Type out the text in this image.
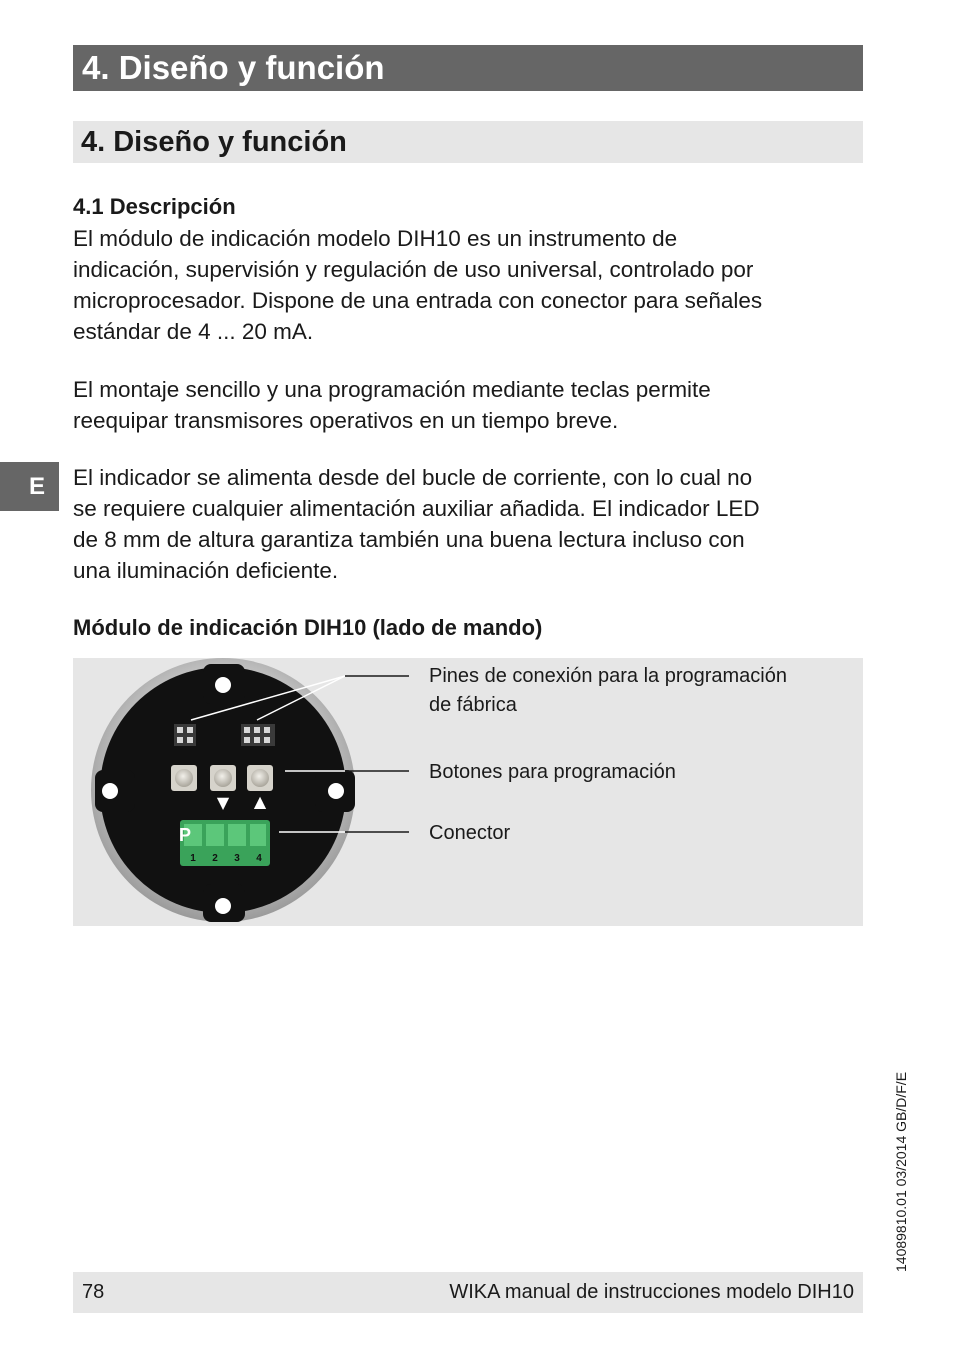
4. Diseño y función
4. Diseño y función
4.1 Descripción

El módulo de indicación modelo DIH10 es un instrumento de
indicación, supervisión y regulación de uso universal, controlado por
microprocesador. Dispone de una entrada con conector para señales
estándar de 4 ... 20 mA.

El montaje sencillo y una programación mediante teclas permite
reequipar transmisores operativos en un tiempo breve.

E	El indicador se alimenta desde del bucle de corriente, con lo cual no
se requiere cualquier alimentación auxiliar añadida. El indicador LED
de 8 mm de altura garantiza también una buena lectura incluso con
una iluminación deficiente.

Módulo de indicación DIH10 (lado de mando)
▼ ▲
P
1 2 3 4
Pines de conexión para la programación
de fábrica
Botones para programación
Conector
14089810.01 03/2014 GB/D/F/E
78	WIKA manual de instrucciones modelo DIH10
